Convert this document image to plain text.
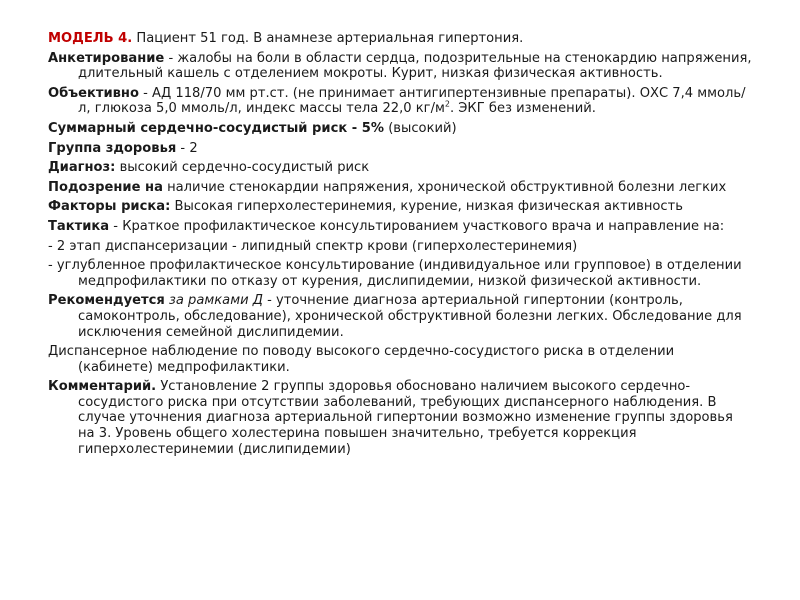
МОДЕЛЬ 4. Пациент 51 год. В анамнезе артериальная гипертония.

Анкетирование - жалобы на боли в области сердца, подозрительные на стенокардию напряжения, длительный кашель с отделением мокроты. Курит, низкая физическая активность.

Объективно - АД 118/70 мм рт.ст. (не принимает антигипертензивные препараты). ОХС 7,4 ммоль/л, глюкоза 5,0 ммоль/л, индекс массы тела 22,0 $кг/м^2$. ЭКГ без изменений.

Суммарный сердечно-сосудистый риск - 5% (высокий)

Группа здоровья - 2

Диагноз: высокий сердечно-сосудистый риск

Подозрение на наличие стенокардии напряжения, хронической обструктивной болезни легких

Факторы риска: Высокая гиперхолестеринемия, курение, низкая физическая активность

Тактика - Краткое профилактическое консультированием участкового врача и направление на:

- 2 этап диспансеризации - липидный спектр крови (гиперхолестеринемия)

- углубленное профилактическое консультирование (индивидуальное или групповое) в отделении медпрофилактики по отказу от курения, дислипидемии, низкой физической активности.

Рекомендуется за рамками Д - уточнение диагноза артериальной гипертонии (контроль, самоконтроль, обследование), хронической обструктивной болезни легких. Обследование для исключения семейной дислипидемии.

Диспансерное наблюдение по поводу высокого сердечно-сосудистого риска в отделении (кабинете) медпрофилактики.

Комментарий. Установление 2 группы здоровья обосновано наличием высокого сердечно-сосудистого риска при отсутствии заболеваний, требующих диспансерного наблюдения. В случае уточнения диагноза артериальной гипертонии возможно изменение группы здоровья на 3. Уровень общего холестерина повышен значительно, требуется коррекция гиперхолестеринемии (дислипидемии)
